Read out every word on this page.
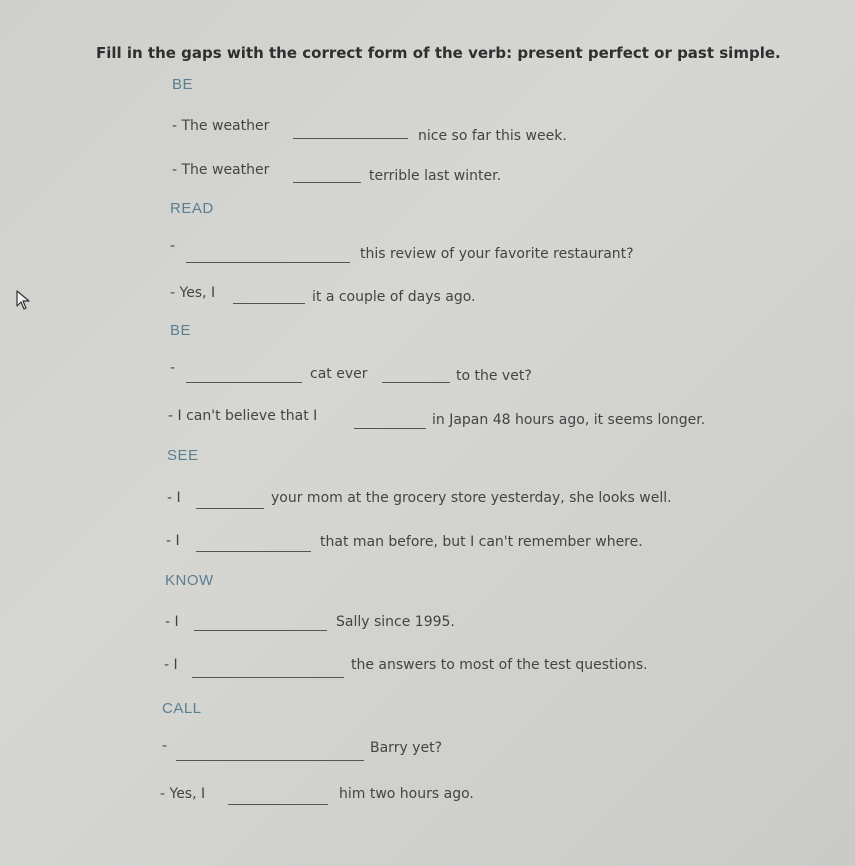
Fill in the gaps with the correct form of the verb: present perfect or past simple.
BE
- The weather
nice so far this week.
- The weather	terrible last winter.
READ
-	this review of your favorite restaurant?
- Yes, I	it a couple of days ago.
BE
-	cat ever	to the vet?
- I can't believe that I	in Japan 48 hours ago, it seems longer.
SEE
- I	your mom at the grocery store yesterday, she looks well.
- I	that man before, but I can't remember where.
KNOW
- I	Sally since 1995.
- I	the answers to most of the test questions.
CALL
-	Barry yet?
- Yes, I	him two hours ago.
